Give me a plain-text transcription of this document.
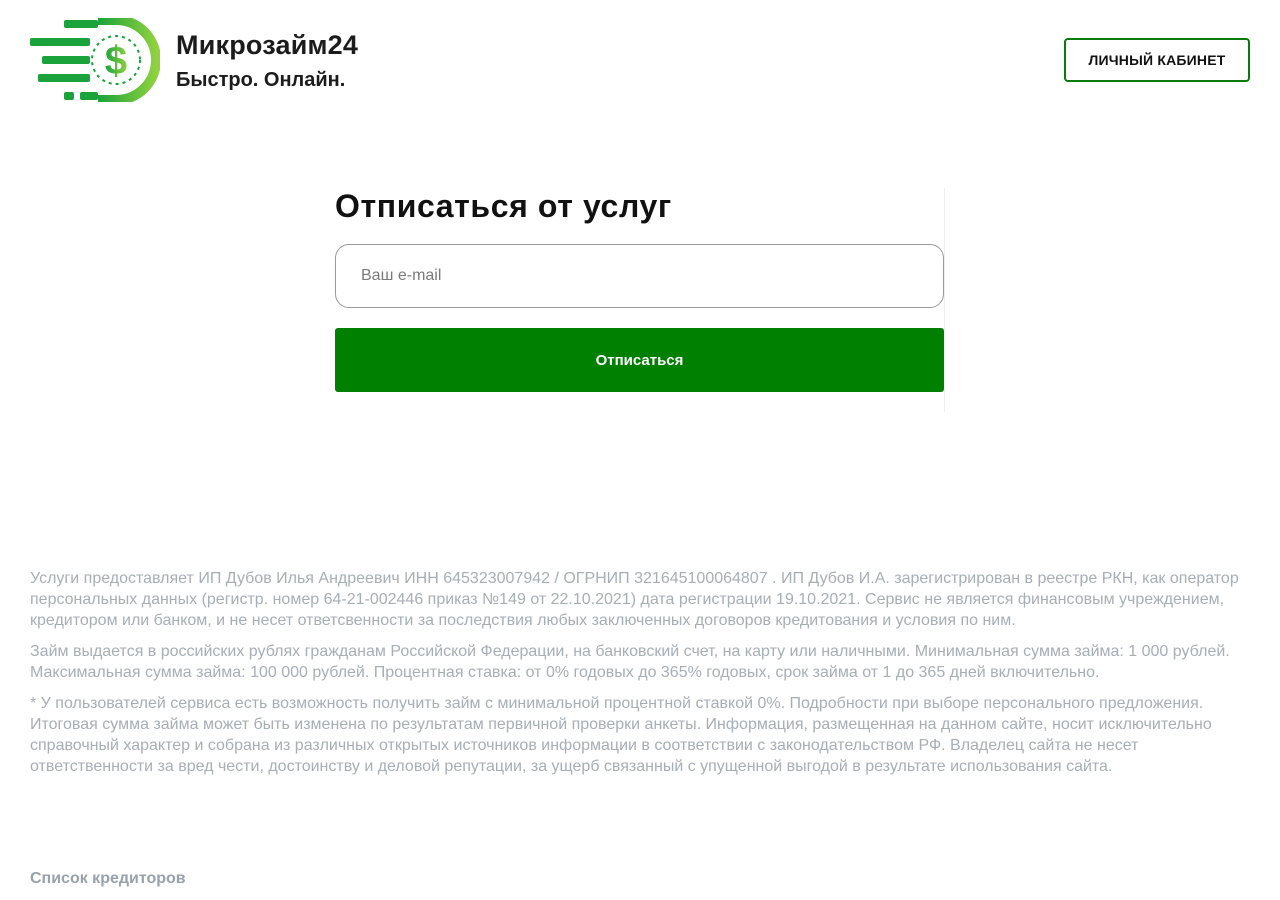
$ Микрозайм24
Быстро. Онлайн.
ЛИЧНЫЙ КАБИНЕТ
Отписаться от услуг
Ваш e-mail
Отписаться

Услуги предоставляет ИП Дубов Илья Андреевич ИНН 645323007942 / ОГРНИП 321645100064807 . ИП Дубов И.А. зарегистрирован в реестре РКН, как оператор персональных данных (регистр. номер 64-21-002446 приказ №149 от 22.10.2021) дата регистрации 19.10.2021. Сервис не является финансовым учреждением, кредитором или банком, и не несет ответсвенности за последствия любых заключенных договоров кредитования и условия по ним.

Займ выдается в российских рублях гражданам Российской Федерации, на банковский счет, на карту или наличными. Минимальная сумма займа: 1 000 рублей. Максимальная сумма займа: 100 000 рублей. Процентная ставка: от 0% годовых до 365% годовых, срок займа от 1 до 365 дней включительно.

* У пользователей сервиса есть возможность получить займ с минимальной процентной ставкой 0%. Подробности при выборе персонального предложения. Итоговая сумма займа может быть изменена по результатам первичной проверки анкеты. Информация, размещенная на данном сайте, носит исключительно справочный характер и собрана из различных открытых источников информации в соответствии с законодательством РФ. Владелец сайта не несет ответственности за вред чести, достоинству и деловой репутации, за ущерб связанный с упущенной выгодой в результате использования сайта.

Список кредиторов
